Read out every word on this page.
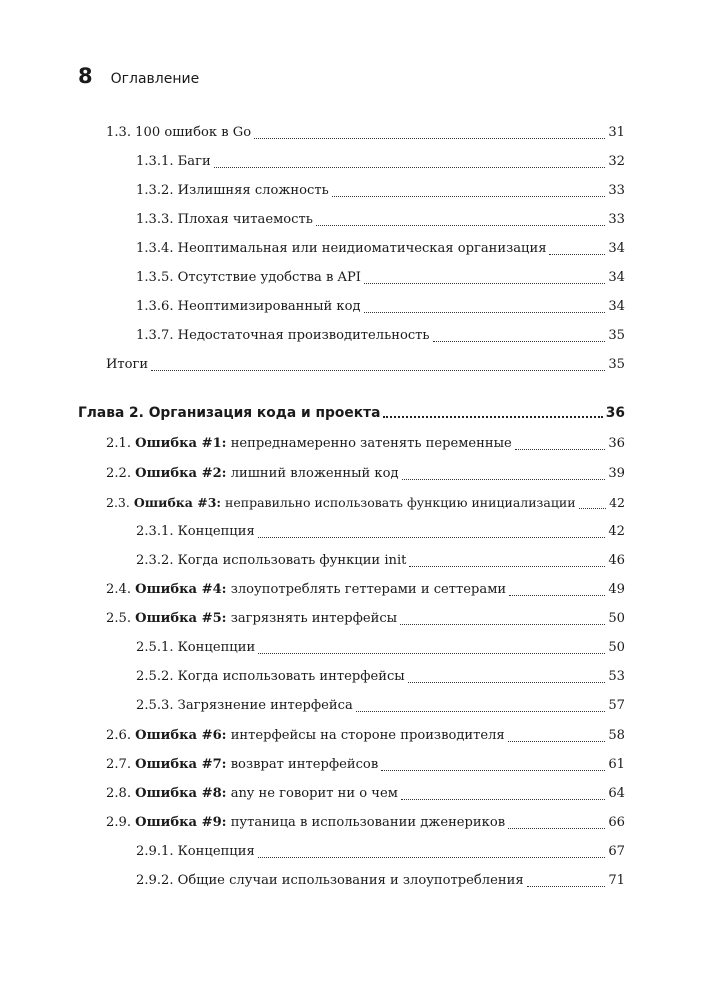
8 Оглавление
1.3. 100 ошибок в Go	31
1.3.1. Баги	32
1.3.2. Излишняя сложность	33
1.3.3. Плохая читаемость	33
1.3.4. Неоптимальная или неидиоматическая организация	34
1.3.5. Отсутствие удобства в API	34
1.3.6. Неоптимизированный код	34
1.3.7. Недостаточная производительность	35
Итоги	35
Глава 2. Организация кода и проекта	36
2.1. Ошибка #1: непреднамеренно затенять переменные	36
2.2. Ошибка #2: лишний вложенный код	39
2.3. Ошибка #3: неправильно использовать функцию инициализации	42
2.3.1. Концепция	42
2.3.2. Когда использовать функции init	46
2.4. Ошибка #4: злоупотреблять геттерами и сеттерами	49
2.5. Ошибка #5: загрязнять интерфейсы	50
2.5.1. Концепции	50
2.5.2. Когда использовать интерфейсы	53
2.5.3. Загрязнение интерфейса	57
2.6. Ошибка #6: интерфейсы на стороне производителя	58
2.7. Ошибка #7: возврат интерфейсов	61
2.8. Ошибка #8: any не говорит ни о чем	64
2.9. Ошибка #9: путаница в использовании дженериков	66
2.9.1. Концепция	67
2.9.2. Общие случаи использования и злоупотребления	71
